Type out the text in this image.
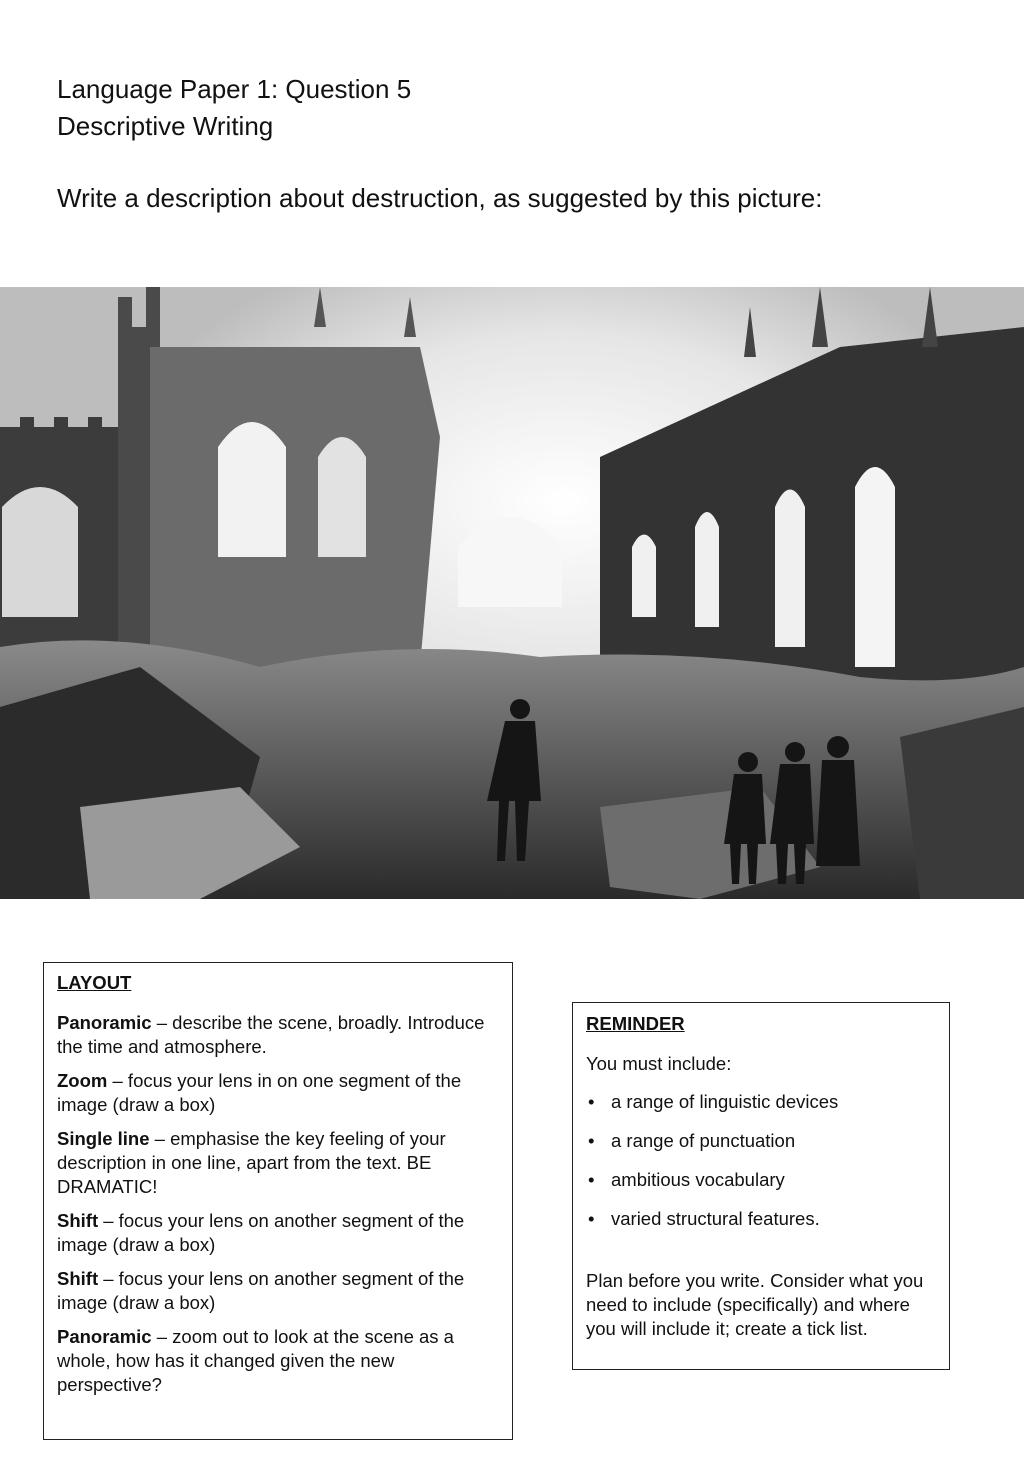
Language Paper 1: Question 5
Descriptive Writing

Write a description about destruction, as suggested by this picture:

LAYOUT

Panoramic – describe the scene, broadly. Introduce the time and atmosphere.

Zoom – focus your lens in on one segment of the image (draw a box)

Single line – emphasise the key feeling of your description in one line, apart from the text. BE DRAMATIC!

Shift – focus your lens on another segment of the image (draw a box)

Shift – focus your lens on another segment of the image (draw a box)

Panoramic – zoom out to look at the scene as a whole, how has it changed given the new perspective?

REMINDER

You must include:

• a range of linguistic devices
• a range of punctuation
• ambitious vocabulary
• varied structural features.

Plan before you write. Consider what you need to include (specifically) and where you will include it; create a tick list.
